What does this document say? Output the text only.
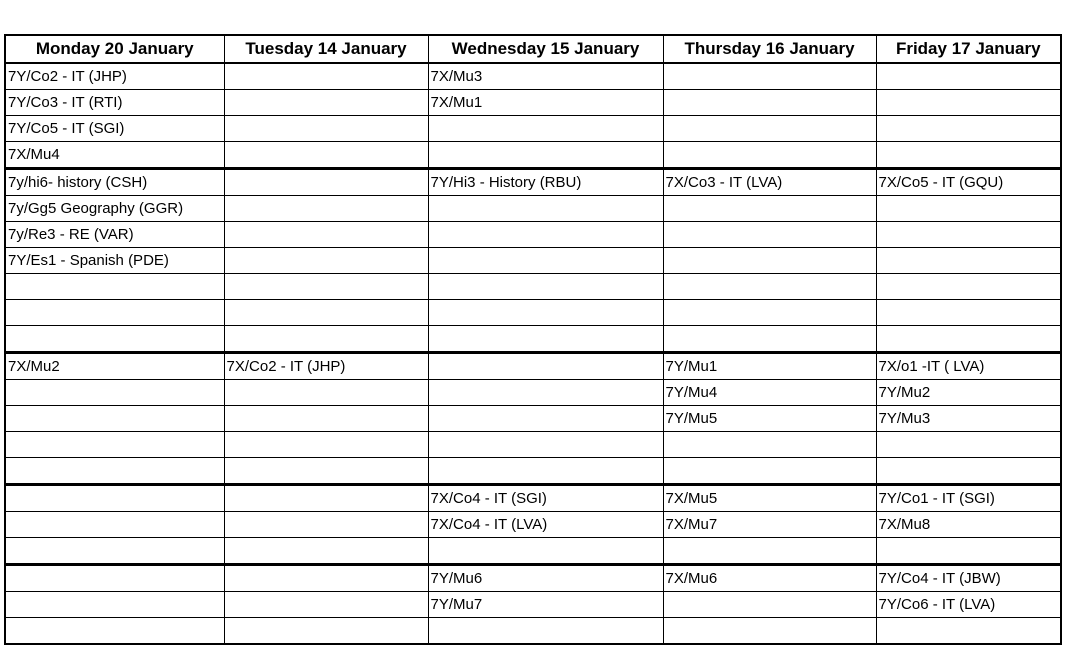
Monday 20 January	Tuesday 14 January	Wednesday 15 January	Thursday 16 January	Friday 17 January
7Y/Co2 - IT (JHP)		7X/Mu3		
7Y/Co3 - IT (RTI)		7X/Mu1		
7Y/Co5 - IT (SGI)				
7X/Mu4				
7y/hi6- history (CSH)		7Y/Hi3 - History (RBU)	7X/Co3 - IT (LVA)	7X/Co5 - IT (GQU)
7y/Gg5 Geography (GGR)				
7y/Re3 - RE (VAR)				
7Y/Es1 - Spanish (PDE)				

7X/Mu2	7X/Co2 - IT (JHP)		7Y/Mu1	7X/o1 -IT ( LVA)
			7Y/Mu4	7Y/Mu2
			7Y/Mu5	7Y/Mu3

		7X/Co4 - IT (SGI)	7X/Mu5	7Y/Co1 - IT (SGI)
		7X/Co4 - IT (LVA)	7X/Mu7	7X/Mu8

		7Y/Mu6	7X/Mu6	7Y/Co4 - IT (JBW)
		7Y/Mu7		7Y/Co6 - IT (LVA)
